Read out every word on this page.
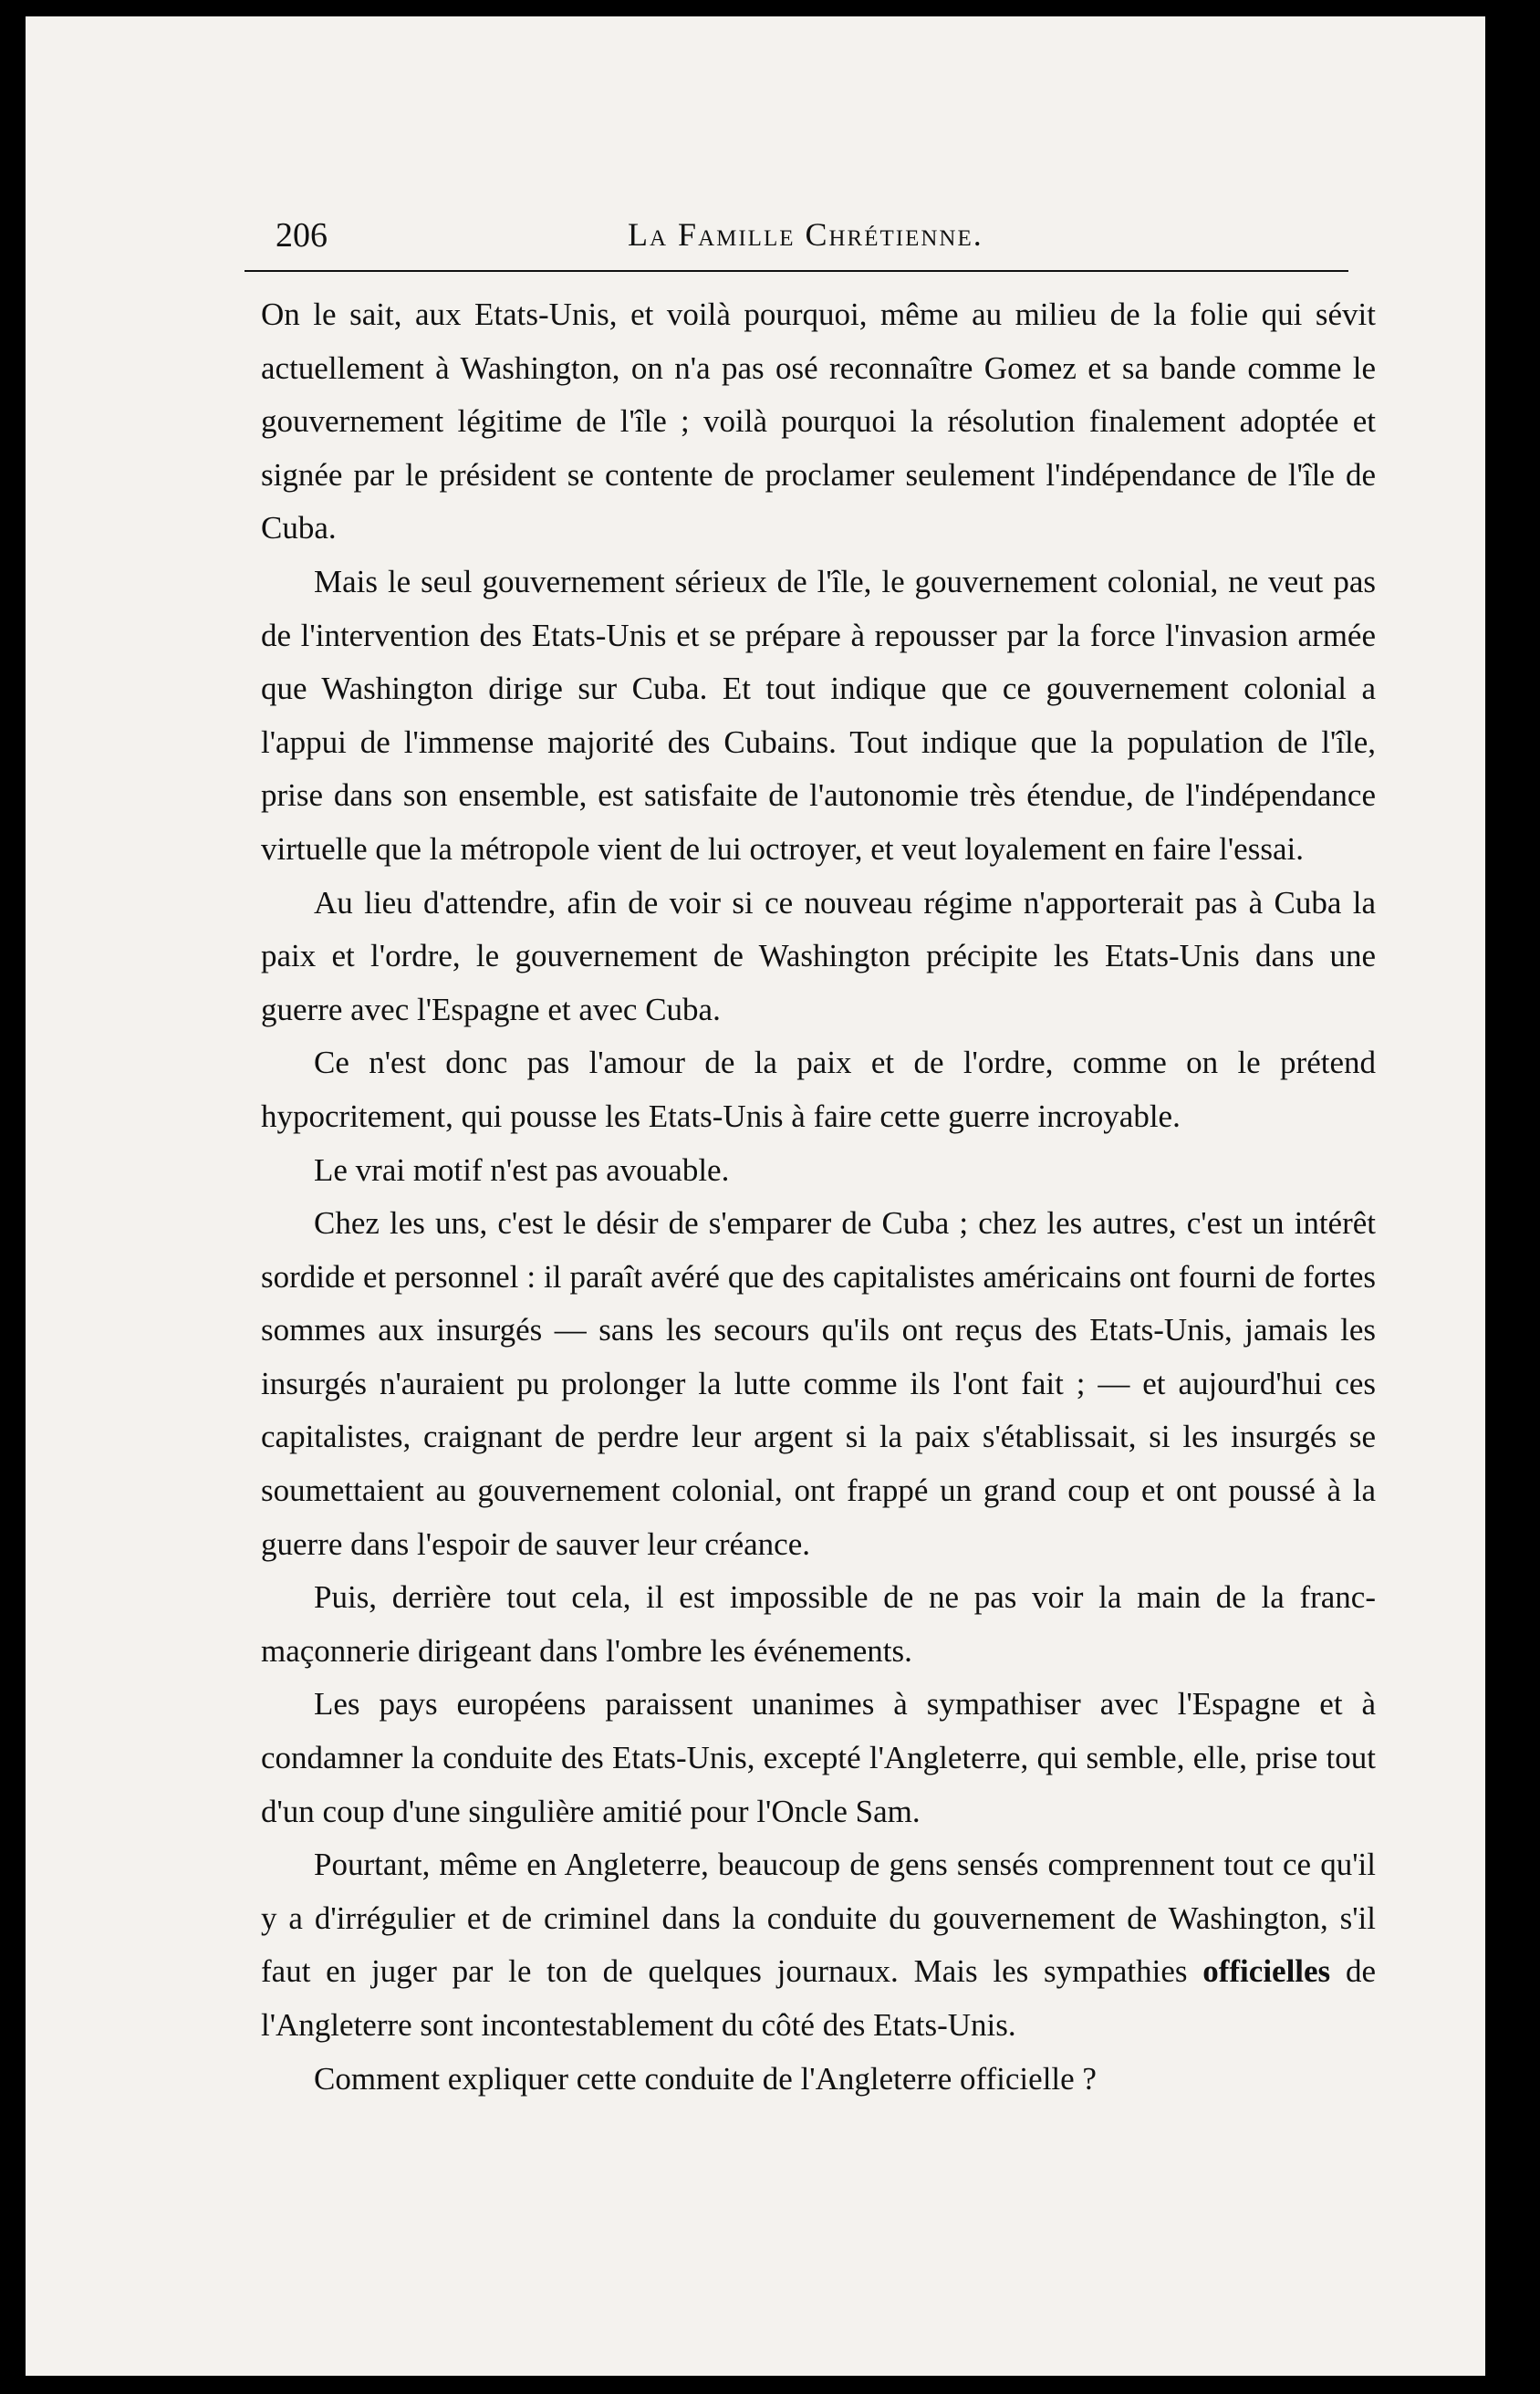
206	La Famille Chrétienne.

On le sait, aux Etats-Unis, et voilà pourquoi, même au milieu de la folie qui sévit actuellement à Washington, on n'a pas osé reconnaître Gomez et sa bande comme le gouvernement légitime de l'île ; voilà pourquoi la résolution finalement adoptée et signée par le président se contente de proclamer seulement l'indépendance de l'île de Cuba.

Mais le seul gouvernement sérieux de l'île, le gouvernement colonial, ne veut pas de l'intervention des Etats-Unis et se prépare à repousser par la force l'invasion armée que Washington dirige sur Cuba. Et tout indique que ce gouvernement colonial a l'appui de l'immense majorité des Cubains. Tout indique que la population de l'île, prise dans son ensemble, est satisfaite de l'autonomie très étendue, de l'indépendance virtuelle que la métropole vient de lui octroyer, et veut loyalement en faire l'essai.

Au lieu d'attendre, afin de voir si ce nouveau régime n'apporterait pas à Cuba la paix et l'ordre, le gouvernement de Washington précipite les Etats-Unis dans une guerre avec l'Espagne et avec Cuba.

Ce n'est donc pas l'amour de la paix et de l'ordre, comme on le prétend hypocritement, qui pousse les Etats-Unis à faire cette guerre incroyable.

Le vrai motif n'est pas avouable.

Chez les uns, c'est le désir de s'emparer de Cuba ; chez les autres, c'est un intérêt sordide et personnel : il paraît avéré que des capitalistes américains ont fourni de fortes sommes aux insurgés — sans les secours qu'ils ont reçus des Etats-Unis, jamais les insurgés n'auraient pu prolonger la lutte comme ils l'ont fait ; — et aujourd'hui ces capitalistes, craignant de perdre leur argent si la paix s'établissait, si les insurgés se soumettaient au gouvernement colonial, ont frappé un grand coup et ont poussé à la guerre dans l'espoir de sauver leur créance.

Puis, derrière tout cela, il est impossible de ne pas voir la main de la franc-maçonnerie dirigeant dans l'ombre les événements.

Les pays européens paraissent unanimes à sympathiser avec l'Espagne et à condamner la conduite des Etats-Unis, excepté l'Angleterre, qui semble, elle, prise tout d'un coup d'une singulière amitié pour l'Oncle Sam.

Pourtant, même en Angleterre, beaucoup de gens sensés comprennent tout ce qu'il y a d'irrégulier et de criminel dans la conduite du gouvernement de Washington, s'il faut en juger par le ton de quelques journaux. Mais les sympathies officielles de l'Angleterre sont incontestablement du côté des Etats-Unis.

Comment expliquer cette conduite de l'Angleterre officielle ?
